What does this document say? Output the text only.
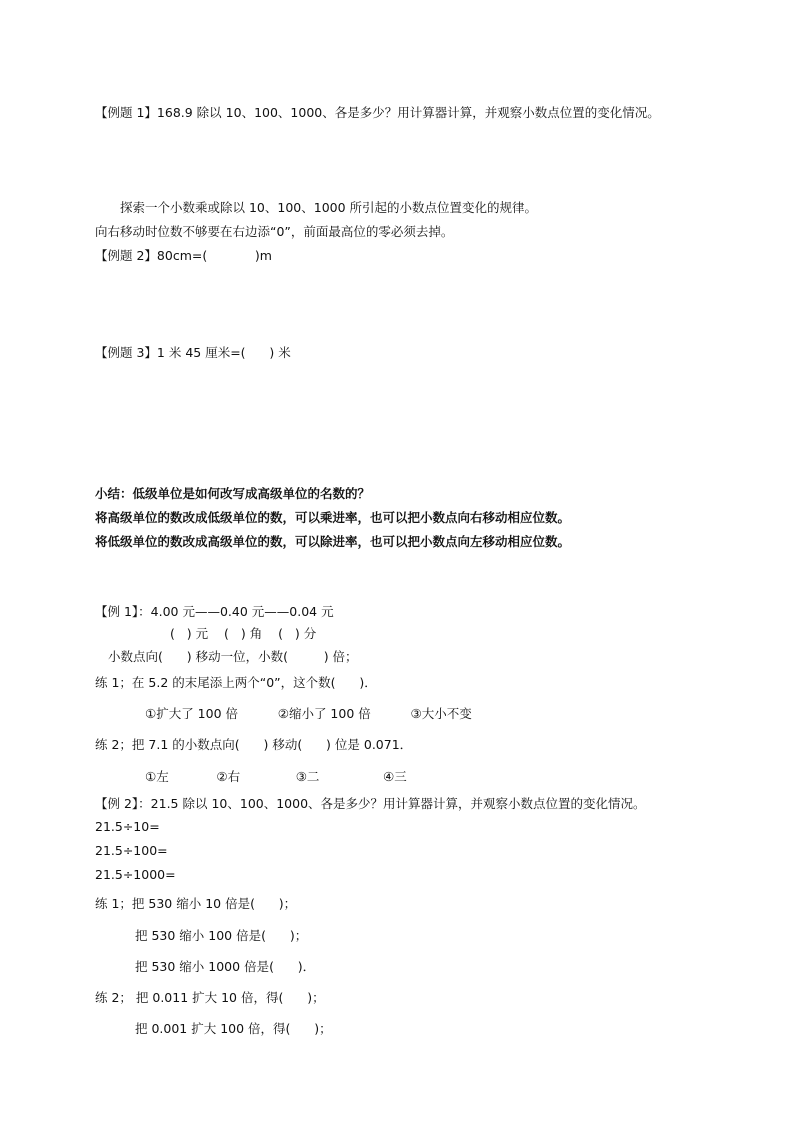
【例题 1】168.9 除以 10、100、1000、各是多少？用计算器计算，并观察小数点位置的变化情况。
探索一个小数乘或除以 10、100、1000 所引起的小数点位置变化的规律。
向右移动时位数不够要在右边添“0”，前面最高位的零必须去掉。
【例题 2】80cm=(            )m
【例题 3】1 米 45 厘米=(      ) 米
小结：低级单位是如何改写成高级单位的名数的？
将高级单位的数改成低级单位的数，可以乘进率，也可以把小数点向右移动相应位数。
将低级单位的数改成高级单位的数，可以除进率，也可以把小数点向左移动相应位数。
【例 1】：4.00 元——0.40 元——0.04 元
(   ) 元    (   ) 角    (   ) 分
小数点向(      ) 移动一位，小数(         ) 倍；
练 1；在 5.2 的末尾添上两个“0”，这个数(      )．
①扩大了 100 倍          ②缩小了 100 倍          ③大小不变
练 2；把 7.1 的小数点向(      ) 移动(      ) 位是 0.071．
①左            ②右              ③二                ④三
【例 2】：21.5 除以 10、100、1000、各是多少？用计算器计算，并观察小数点位置的变化情况。
21.5÷10=
21.5÷100=
21.5÷1000=
练 1；把 530 缩小 10 倍是(      )；
把 530 缩小 100 倍是(      )；
把 530 缩小 1000 倍是(      )．
练 2； 把 0.011 扩大 10 倍，得(      )；
把 0.001 扩大 100 倍，得(      )；
